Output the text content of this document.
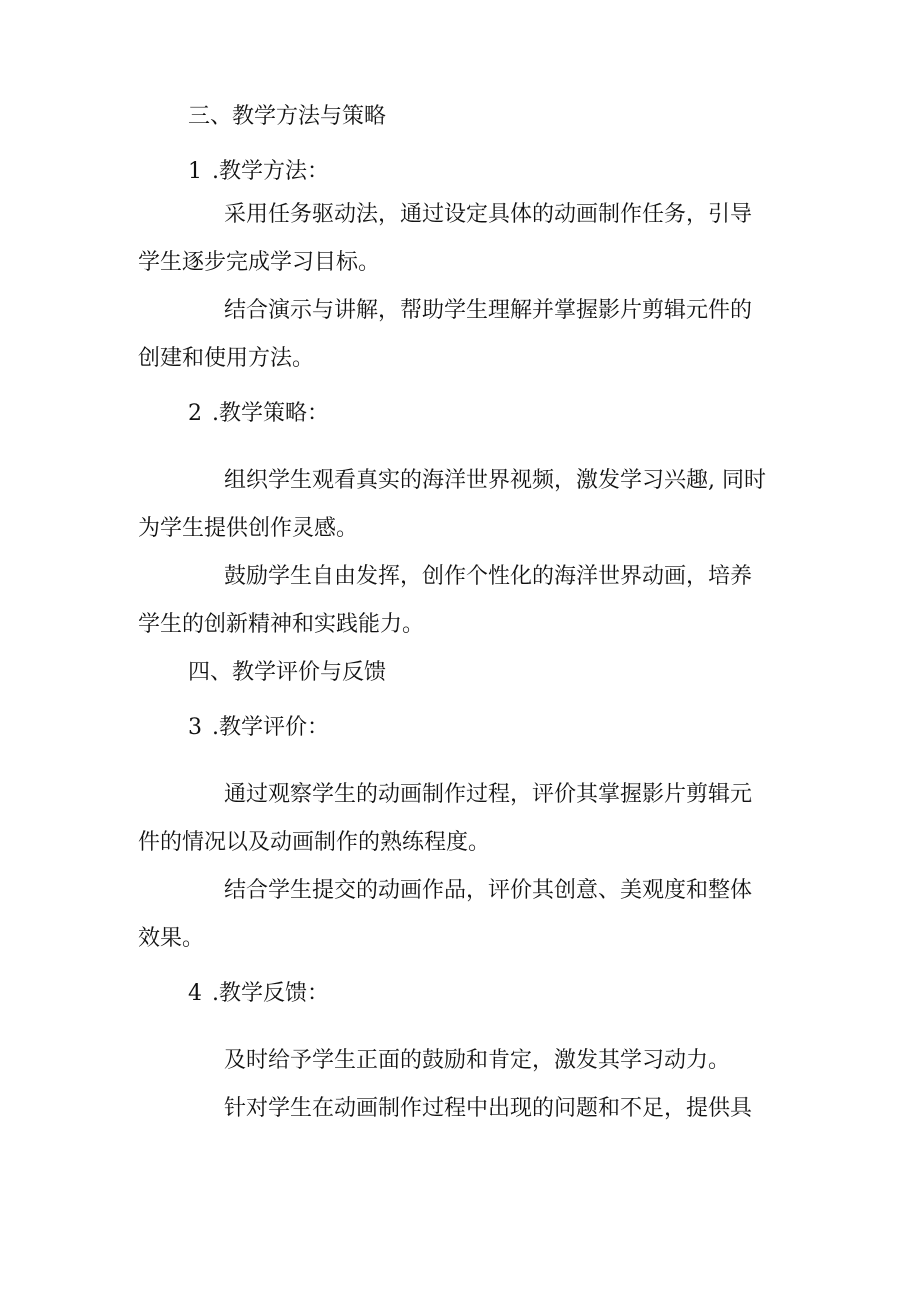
三、教学方法与策略

1 .教学方法：

采用任务驱动法，通过设定具体的动画制作任务，引导

学生逐步完成学习目标。

结合演示与讲解，帮助学生理解并掌握影片剪辑元件的

创建和使用方法。

2 .教学策略：

组织学生观看真实的海洋世界视频，激发学习兴趣, 同时

为学生提供创作灵感。

鼓励学生自由发挥，创作个性化的海洋世界动画，培养

学生的创新精神和实践能力。

四、教学评价与反馈

3 .教学评价：

通过观察学生的动画制作过程，评价其掌握影片剪辑元

件的情况以及动画制作的熟练程度。

结合学生提交的动画作品，评价其创意、美观度和整体

效果。

4 .教学反馈：

及时给予学生正面的鼓励和肯定，激发其学习动力。

针对学生在动画制作过程中出现的问题和不足，提供具
